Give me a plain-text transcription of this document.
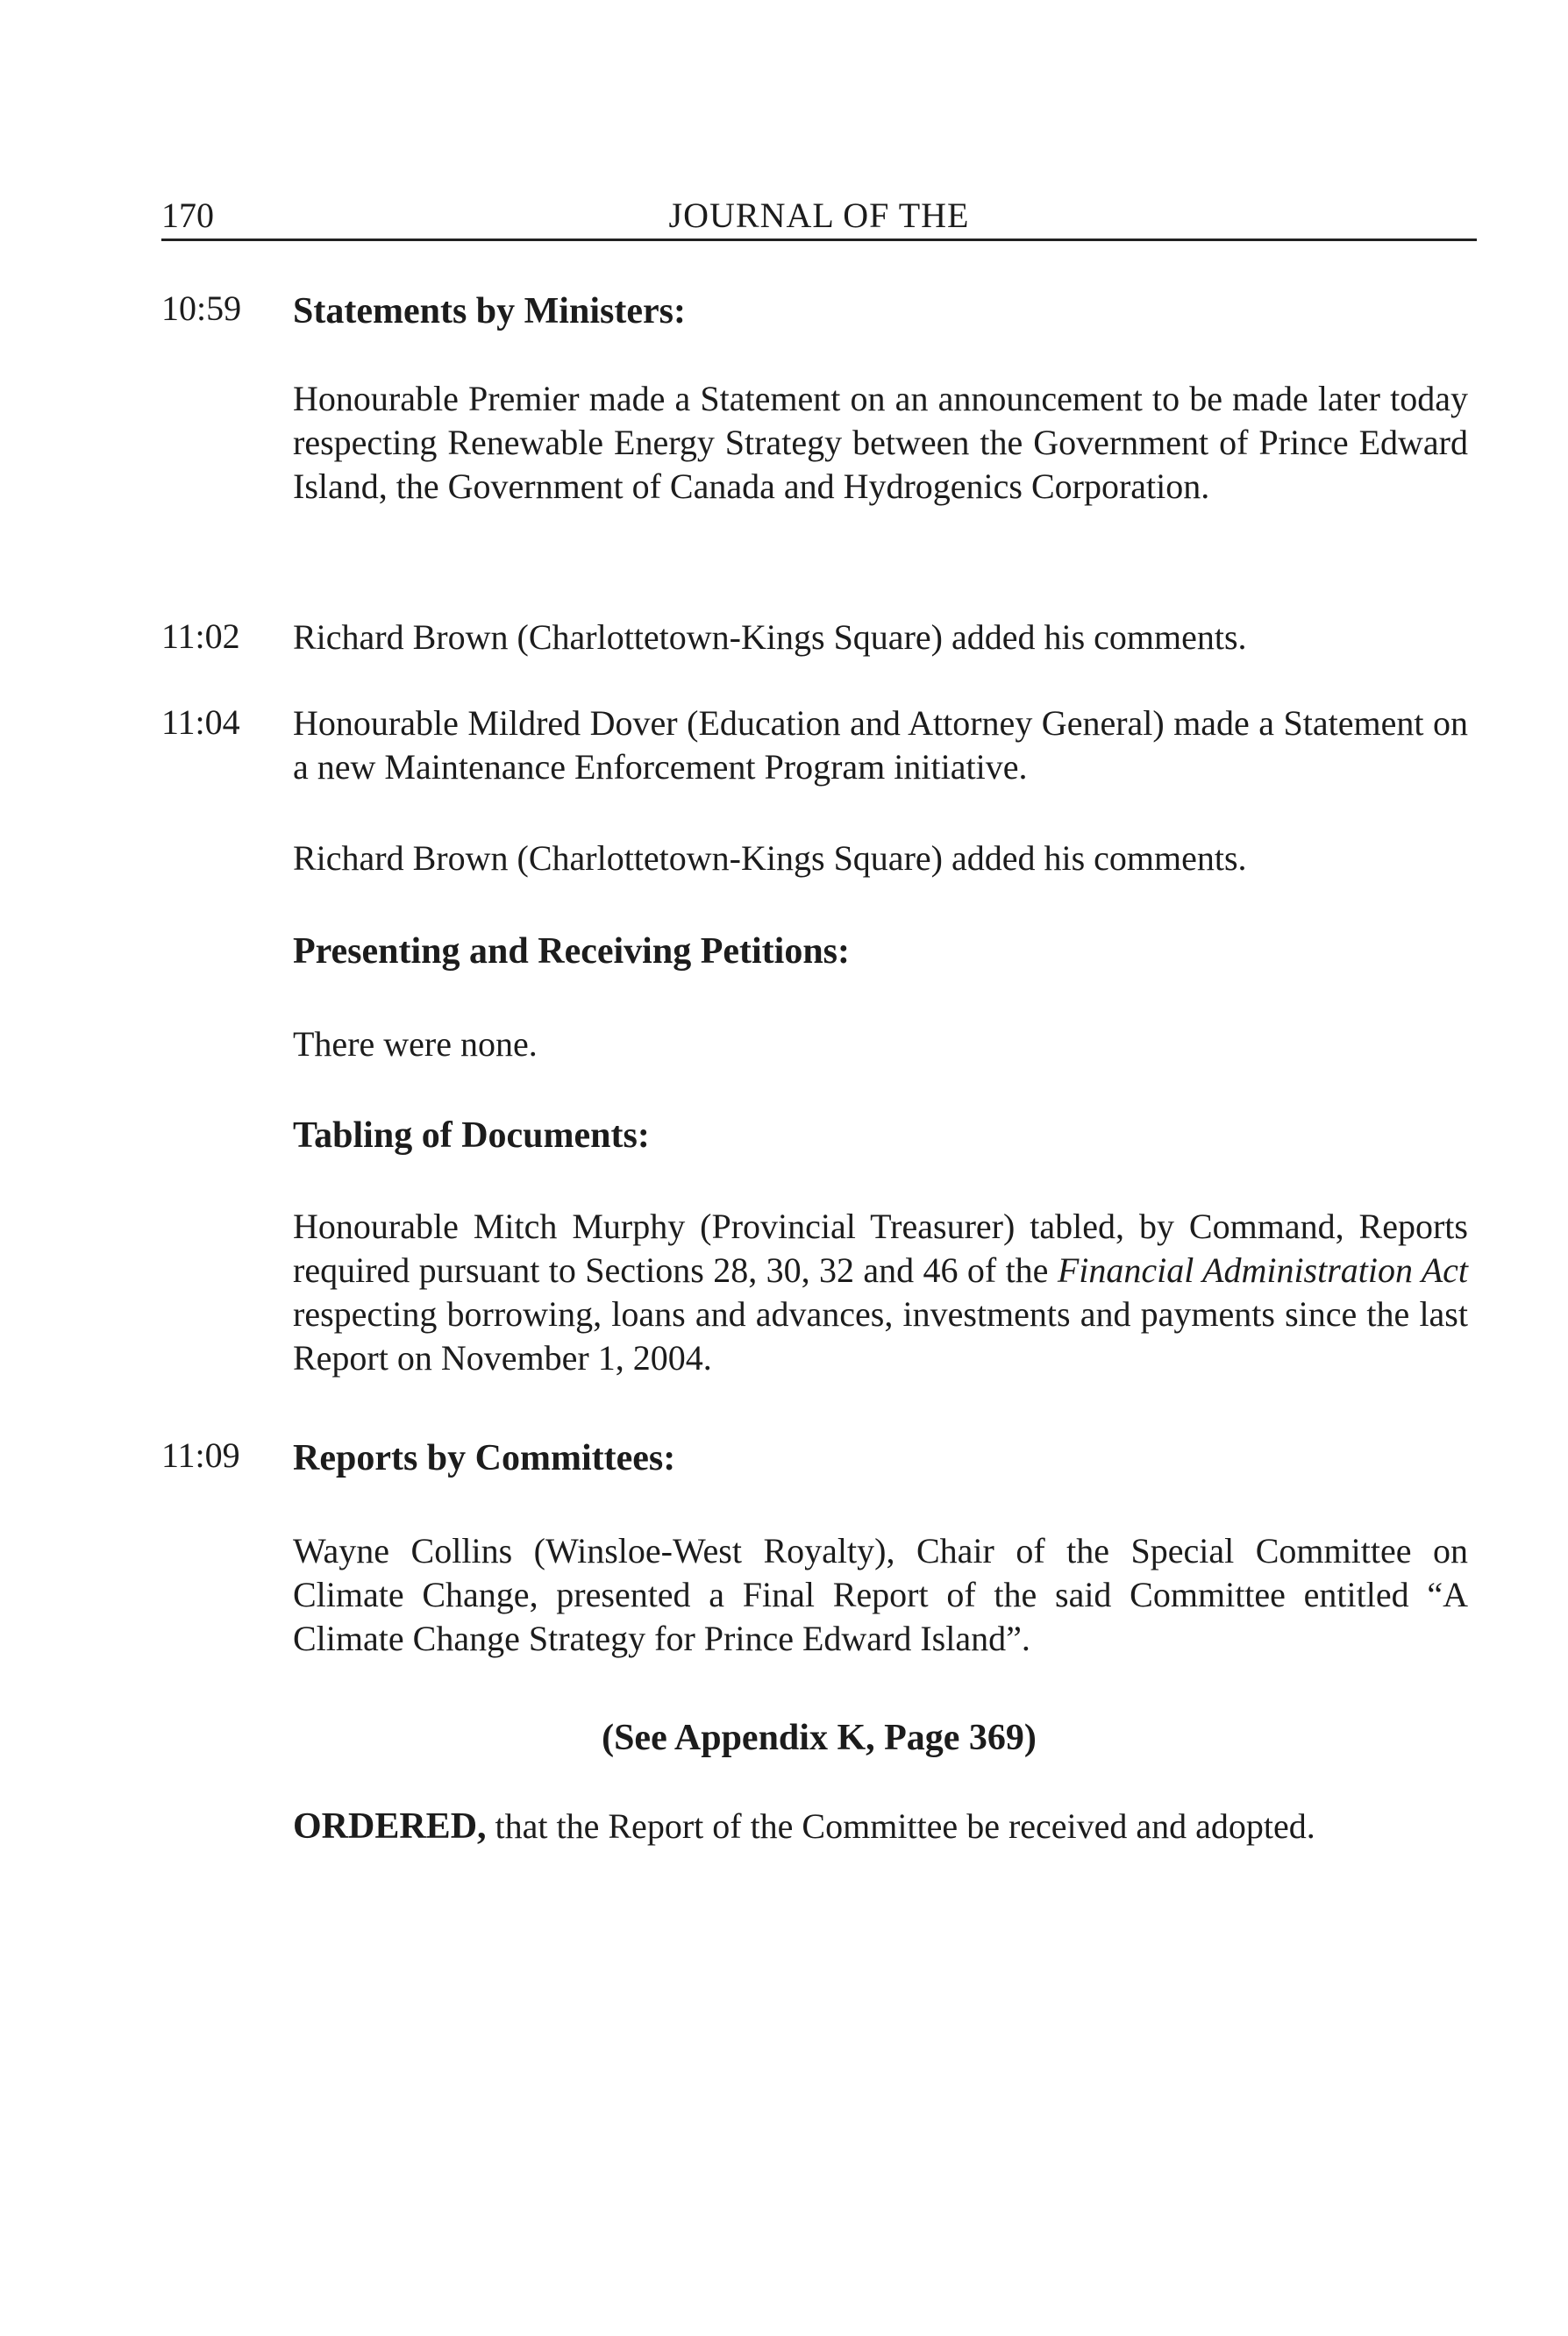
170	JOURNAL OF THE
10:59 Statements by Ministers:

Honourable Premier made a Statement on an announcement to be made later today respecting Renewable Energy Strategy between the Government of Prince Edward Island, the Government of Canada and Hydrogenics Corporation.

11:02 Richard Brown (Charlottetown-Kings Square) added his comments.

11:04 Honourable Mildred Dover (Education and Attorney General) made a Statement on a new Maintenance Enforcement Program initiative.

Richard Brown (Charlottetown-Kings Square) added his comments.

Presenting and Receiving Petitions:

There were none.

Tabling of Documents:

Honourable Mitch Murphy (Provincial Treasurer) tabled, by Command, Reports required pursuant to Sections 28, 30, 32 and 46 of the Financial Administration Act respecting borrowing, loans and advances, investments and payments since the last Report on November 1, 2004.

11:09 Reports by Committees:

Wayne Collins (Winsloe-West Royalty), Chair of the Special Committee on Climate Change, presented a Final Report of the said Committee entitled “A Climate Change Strategy for Prince Edward Island”.

(See Appendix K, Page 369)
ORDERED, that the Report of the Committee be received and adopted.
